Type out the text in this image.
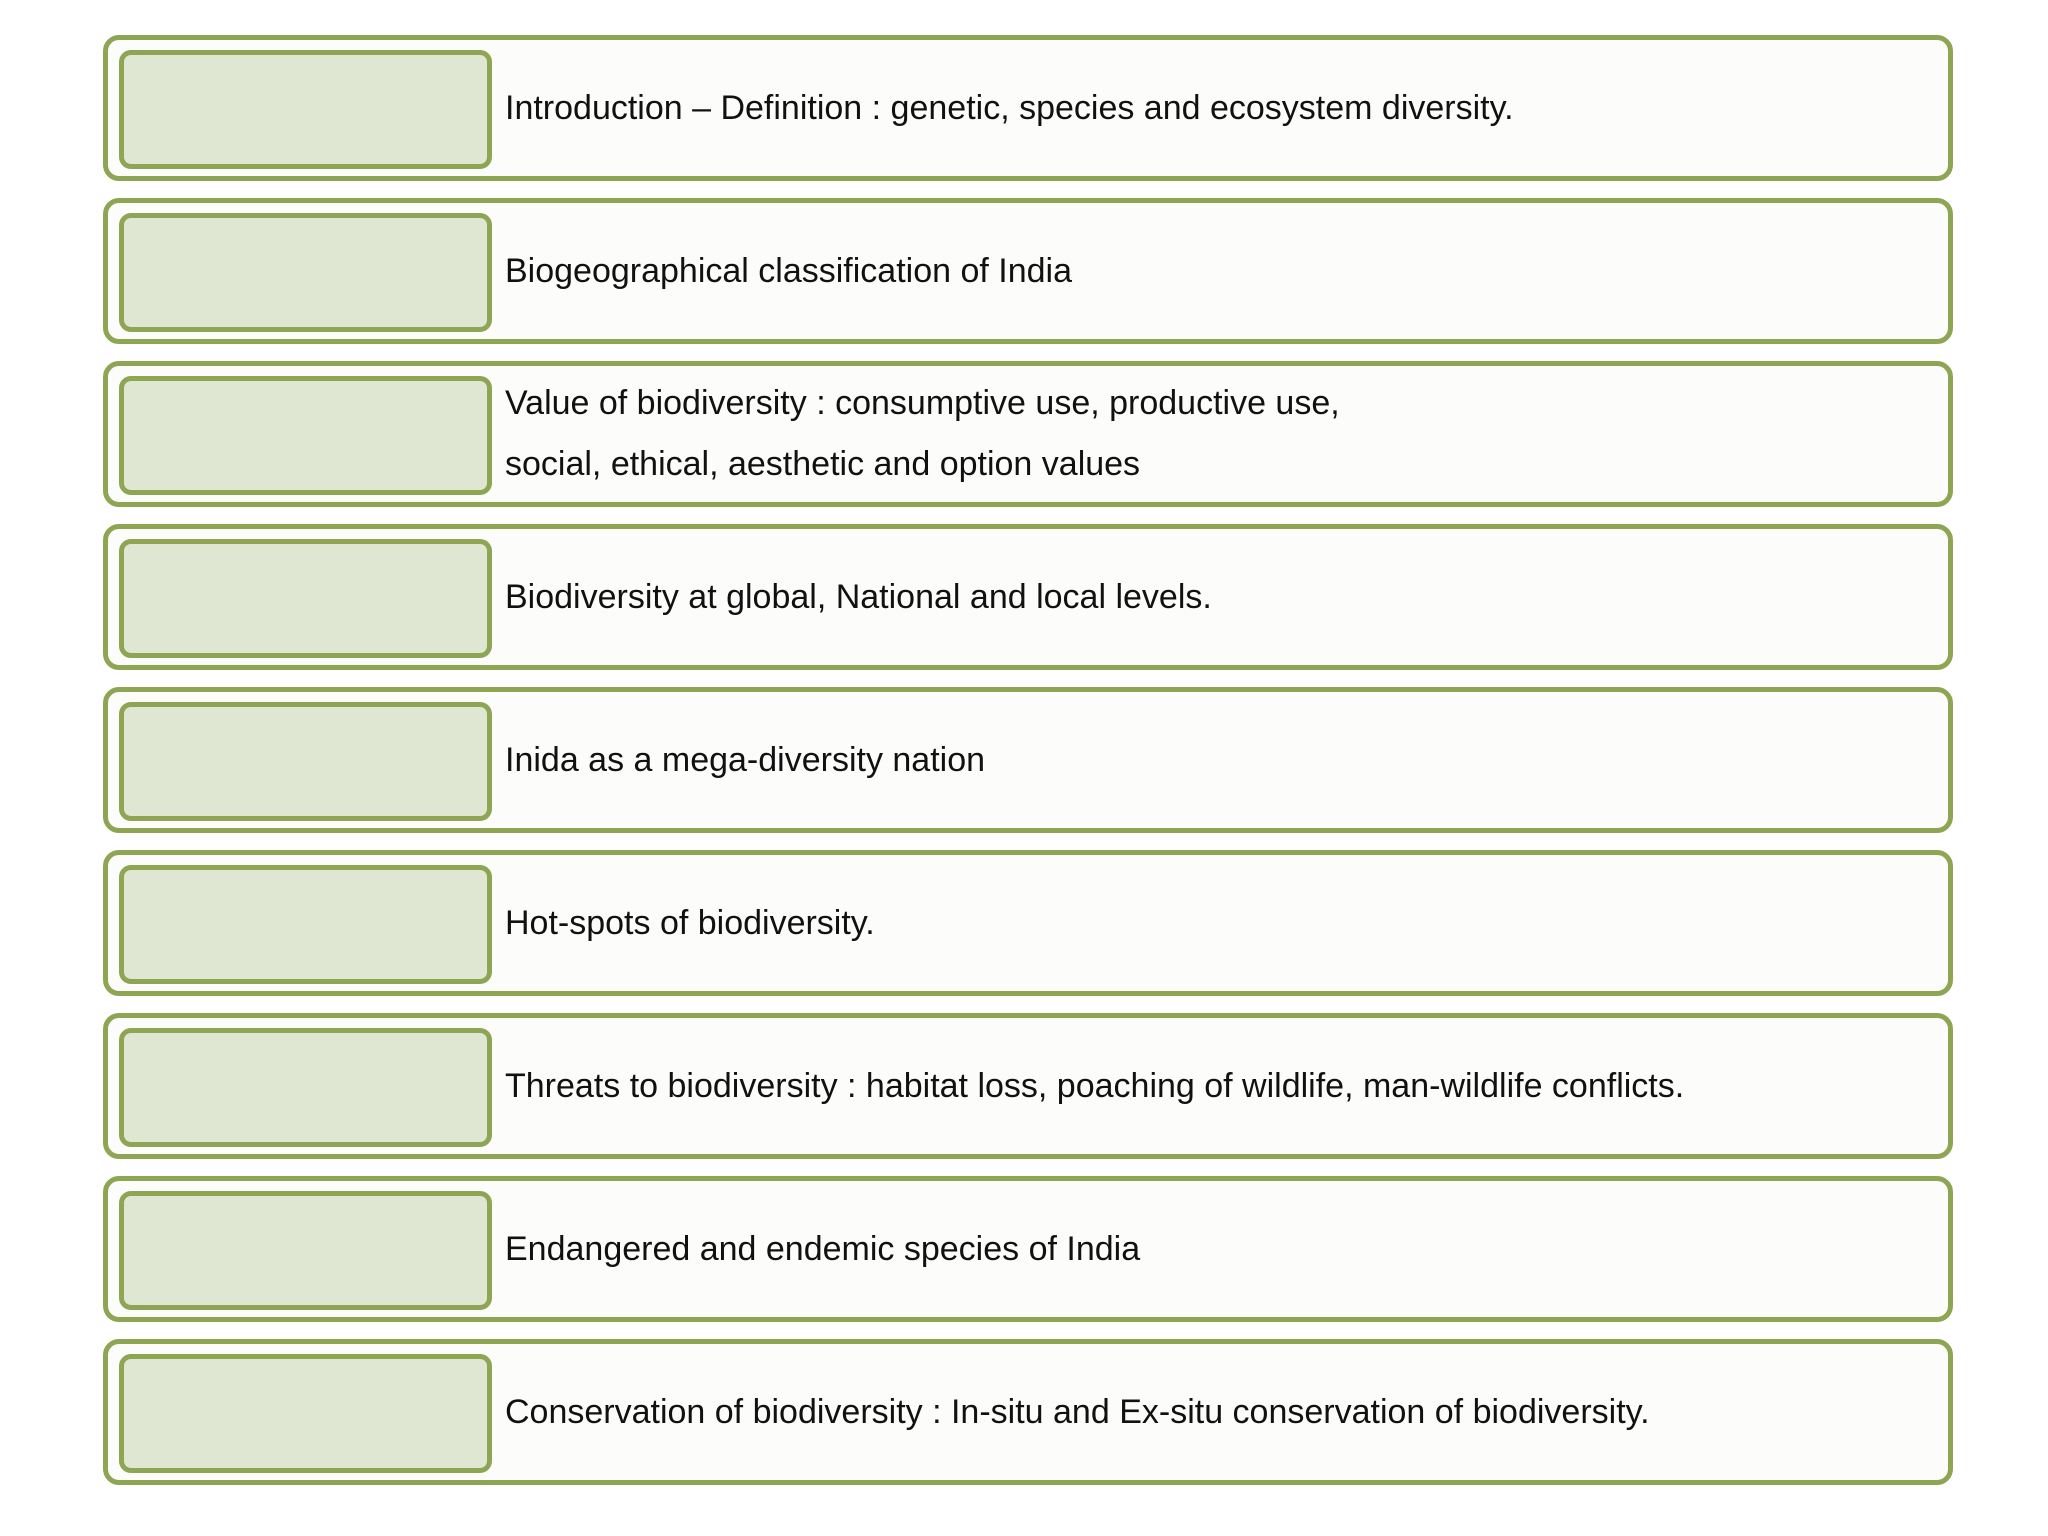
Introduction – Definition : genetic, species and ecosystem diversity.
Biogeographical classification of India
Value of biodiversity : consumptive use, productive use,
social, ethical, aesthetic and option values
Biodiversity at global, National and local levels.
Inida as a mega-diversity nation
Hot-spots of biodiversity.
Threats to biodiversity : habitat loss, poaching of wildlife, man-wildlife conflicts.
Endangered and endemic species of India
Conservation of biodiversity : In-situ and Ex-situ conservation of biodiversity.
